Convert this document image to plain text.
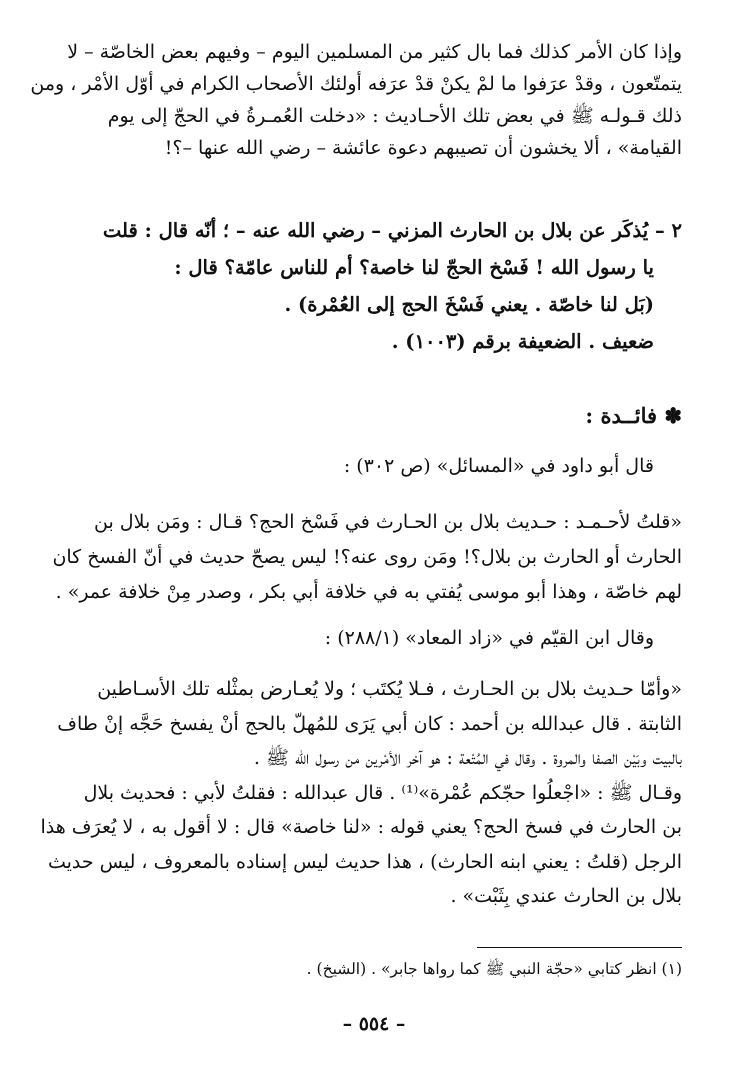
وإذا كان الأمر كذلك فما بال كثير من المسلمين اليوم – وفيهم بعض الخاصّة – لا
يتمتّعون ، وقدْ عرَفوا ما لمْ يكنْ قدْ عرَفه أولئك الأصحاب الكرام في أوّل الأمْر ، ومن
ذلك قـولـه ﷺ في بعض تلك الأحـاديث : «دخلت العُمـرةُ في الحجّ إلى يوم
القيامة» ، ألا يخشون أن تصيبهم دعوة عائشة – رضي الله عنها –؟!
٢ – يُذكَر عن بلال بن الحارث المزني – رضي الله عنه – ؛ أنّه قال : قلت
يا رسول الله ! فَسْخ الحجّ لنا خاصة؟ أم للناس عامّة؟ قال :
(بَل لنا خاصّة . يعني فَسْخَ الحج إلى العُمْرة) .
ضعيف . الضعيفة برقم (١٠٠٣) .
✽ فائــدة :
قال أبو داود في «المسائل» (ص ٣٠٢) :
«قلتُ لأحـمـد : حـديث بلال بن الحـارث في فَسْخ الحج؟ قـال : ومَن بلال بن
الحارث أو الحارث بن بلال؟! ومَن روى عنه؟! ليس يصحّ حديث في أنّ الفسخ كان
لهم خاصّة ، وهذا أبو موسى يُفتي به في خلافة أبي بكر ، وصدر مِنْ خلافة عمر» .
وقال ابن القيّم في «زاد المعاد» (٢٨٨/١) :
«وأمّا حـديث بلال بن الحـارث ، فـلا يُكتَب ؛ ولا يُعـارض بمثْله تلك الأسـاطين
الثابتة . قال عبدالله بن أحمد : كان أبي يَرَى للمُهلّ بالحج أنْ يفسخ حَجَّه إنْ طاف
بالبيت وبَيْن الصفا والمروة . وقال في المُتْعة : هو آخر الأمْرين من رسول الله ﷺ .
وقـال ﷺ : «اجْعلُوا حجّكم عُمْرة»⁽¹⁾ . قال عبدالله : فقلتُ لأبي : فحديث بلال
بن الحارث في فسخ الحج؟ يعني قوله : «لنا خاصة» قال : لا أقول به ، لا يُعرَف هذا
الرجل (قلتُ : يعني ابنه الحارث) ، هذا حديث ليس إسناده بالمعروف ، ليس حديث
بلال بن الحارث عندي بِثَبْت» .
(١) انظر كتابي «حجّة النبي ﷺ كما رواها جابر» . (الشيخ) .
– ٥٥٤ –
